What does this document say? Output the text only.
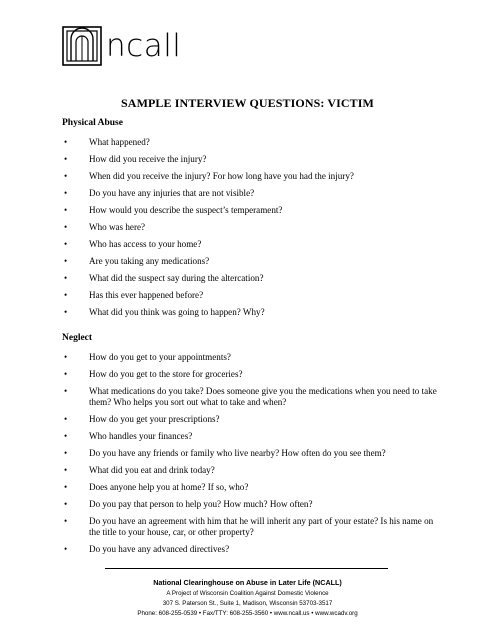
ncall
SAMPLE INTERVIEW QUESTIONS: VICTIM
Physical Abuse
• What happened?
• How did you receive the injury?
• When did you receive the injury? For how long have you had the injury?
• Do you have any injuries that are not visible?
• How would you describe the suspect’s temperament?
• Who was here?
• Who has access to your home?
• Are you taking any medications?
• What did the suspect say during the altercation?
• Has this ever happened before?
• What did you think was going to happen? Why?
Neglect
• How do you get to your appointments?
• How do you get to the store for groceries?
• What medications do you take? Does someone give you the medications when you need to take them? Who helps you sort out what to take and when?
• How do you get your prescriptions?
• Who handles your finances?
• Do you have any friends or family who live nearby? How often do you see them?
• What did you eat and drink today?
• Does anyone help you at home? If so, who?
• Do you pay that person to help you? How much? How often?
• Do you have an agreement with him that he will inherit any part of your estate? Is his name on the title to your house, car, or other property?
• Do you have any advanced directives?
National Clearinghouse on Abuse in Later Life (NCALL)
A Project of Wisconsin Coalition Against Domestic Violence
307 S. Paterson St., Suite 1, Madison, Wisconsin 53703-3517
Phone: 608-255-0539 • Fax/TTY: 608-255-3560 • www.ncall.us • www.wcadv.org
